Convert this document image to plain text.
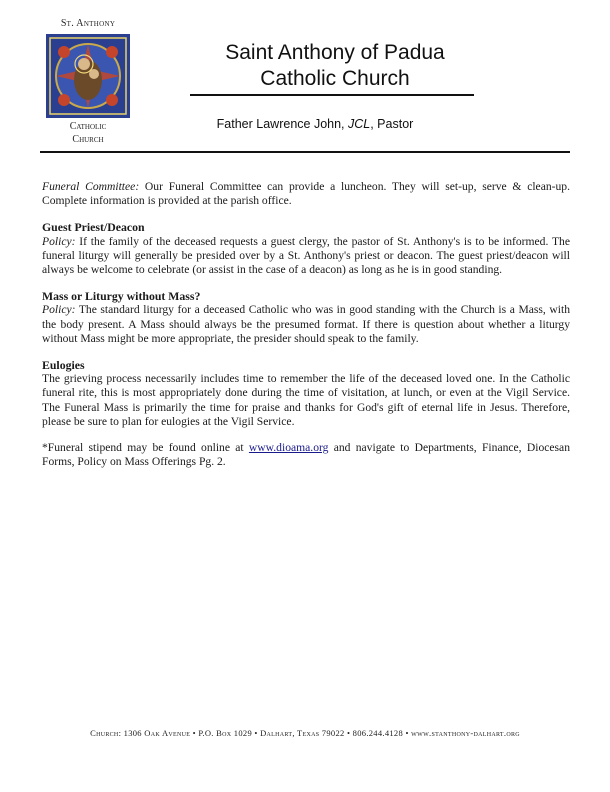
St. Anthony
Catholic
Church
Saint Anthony of Padua
Catholic Church
Father Lawrence John, JCL, Pastor

Funeral Committee: Our Funeral Committee can provide a luncheon. They will set-up, serve & clean-up. Complete information is provided at the parish office.

Guest Priest/Deacon
Policy: If the family of the deceased requests a guest clergy, the pastor of St. Anthony's is to be informed. The funeral liturgy will generally be presided over by a St. Anthony's priest or deacon. The guest priest/deacon will always be welcome to celebrate (or assist in the case of a deacon) as long as he is in good standing.
Mass or Liturgy without Mass?
Policy: The standard liturgy for a deceased Catholic who was in good standing with the Church is a Mass, with the body present. A Mass should always be the presumed format. If there is question about whether a liturgy without Mass might be more appropriate, the presider should speak to the family.
Eulogies
The grieving process necessarily includes time to remember the life of the deceased loved one. In the Catholic funeral rite, this is most appropriately done during the time of visitation, at lunch, or even at the Vigil Service. The Funeral Mass is primarily the time for praise and thanks for God's gift of eternal life in Jesus. Therefore, please be sure to plan for eulogies at the Vigil Service.

*Funeral stipend may be found online at www.dioama.org and navigate to Departments, Finance, Diocesan Forms, Policy on Mass Offerings Pg. 2.

Church: 1306 Oak Avenue • P.O. Box 1029 • Dalhart, Texas 79022 • 806.244.4128 • www.stanthony-dalhart.org
